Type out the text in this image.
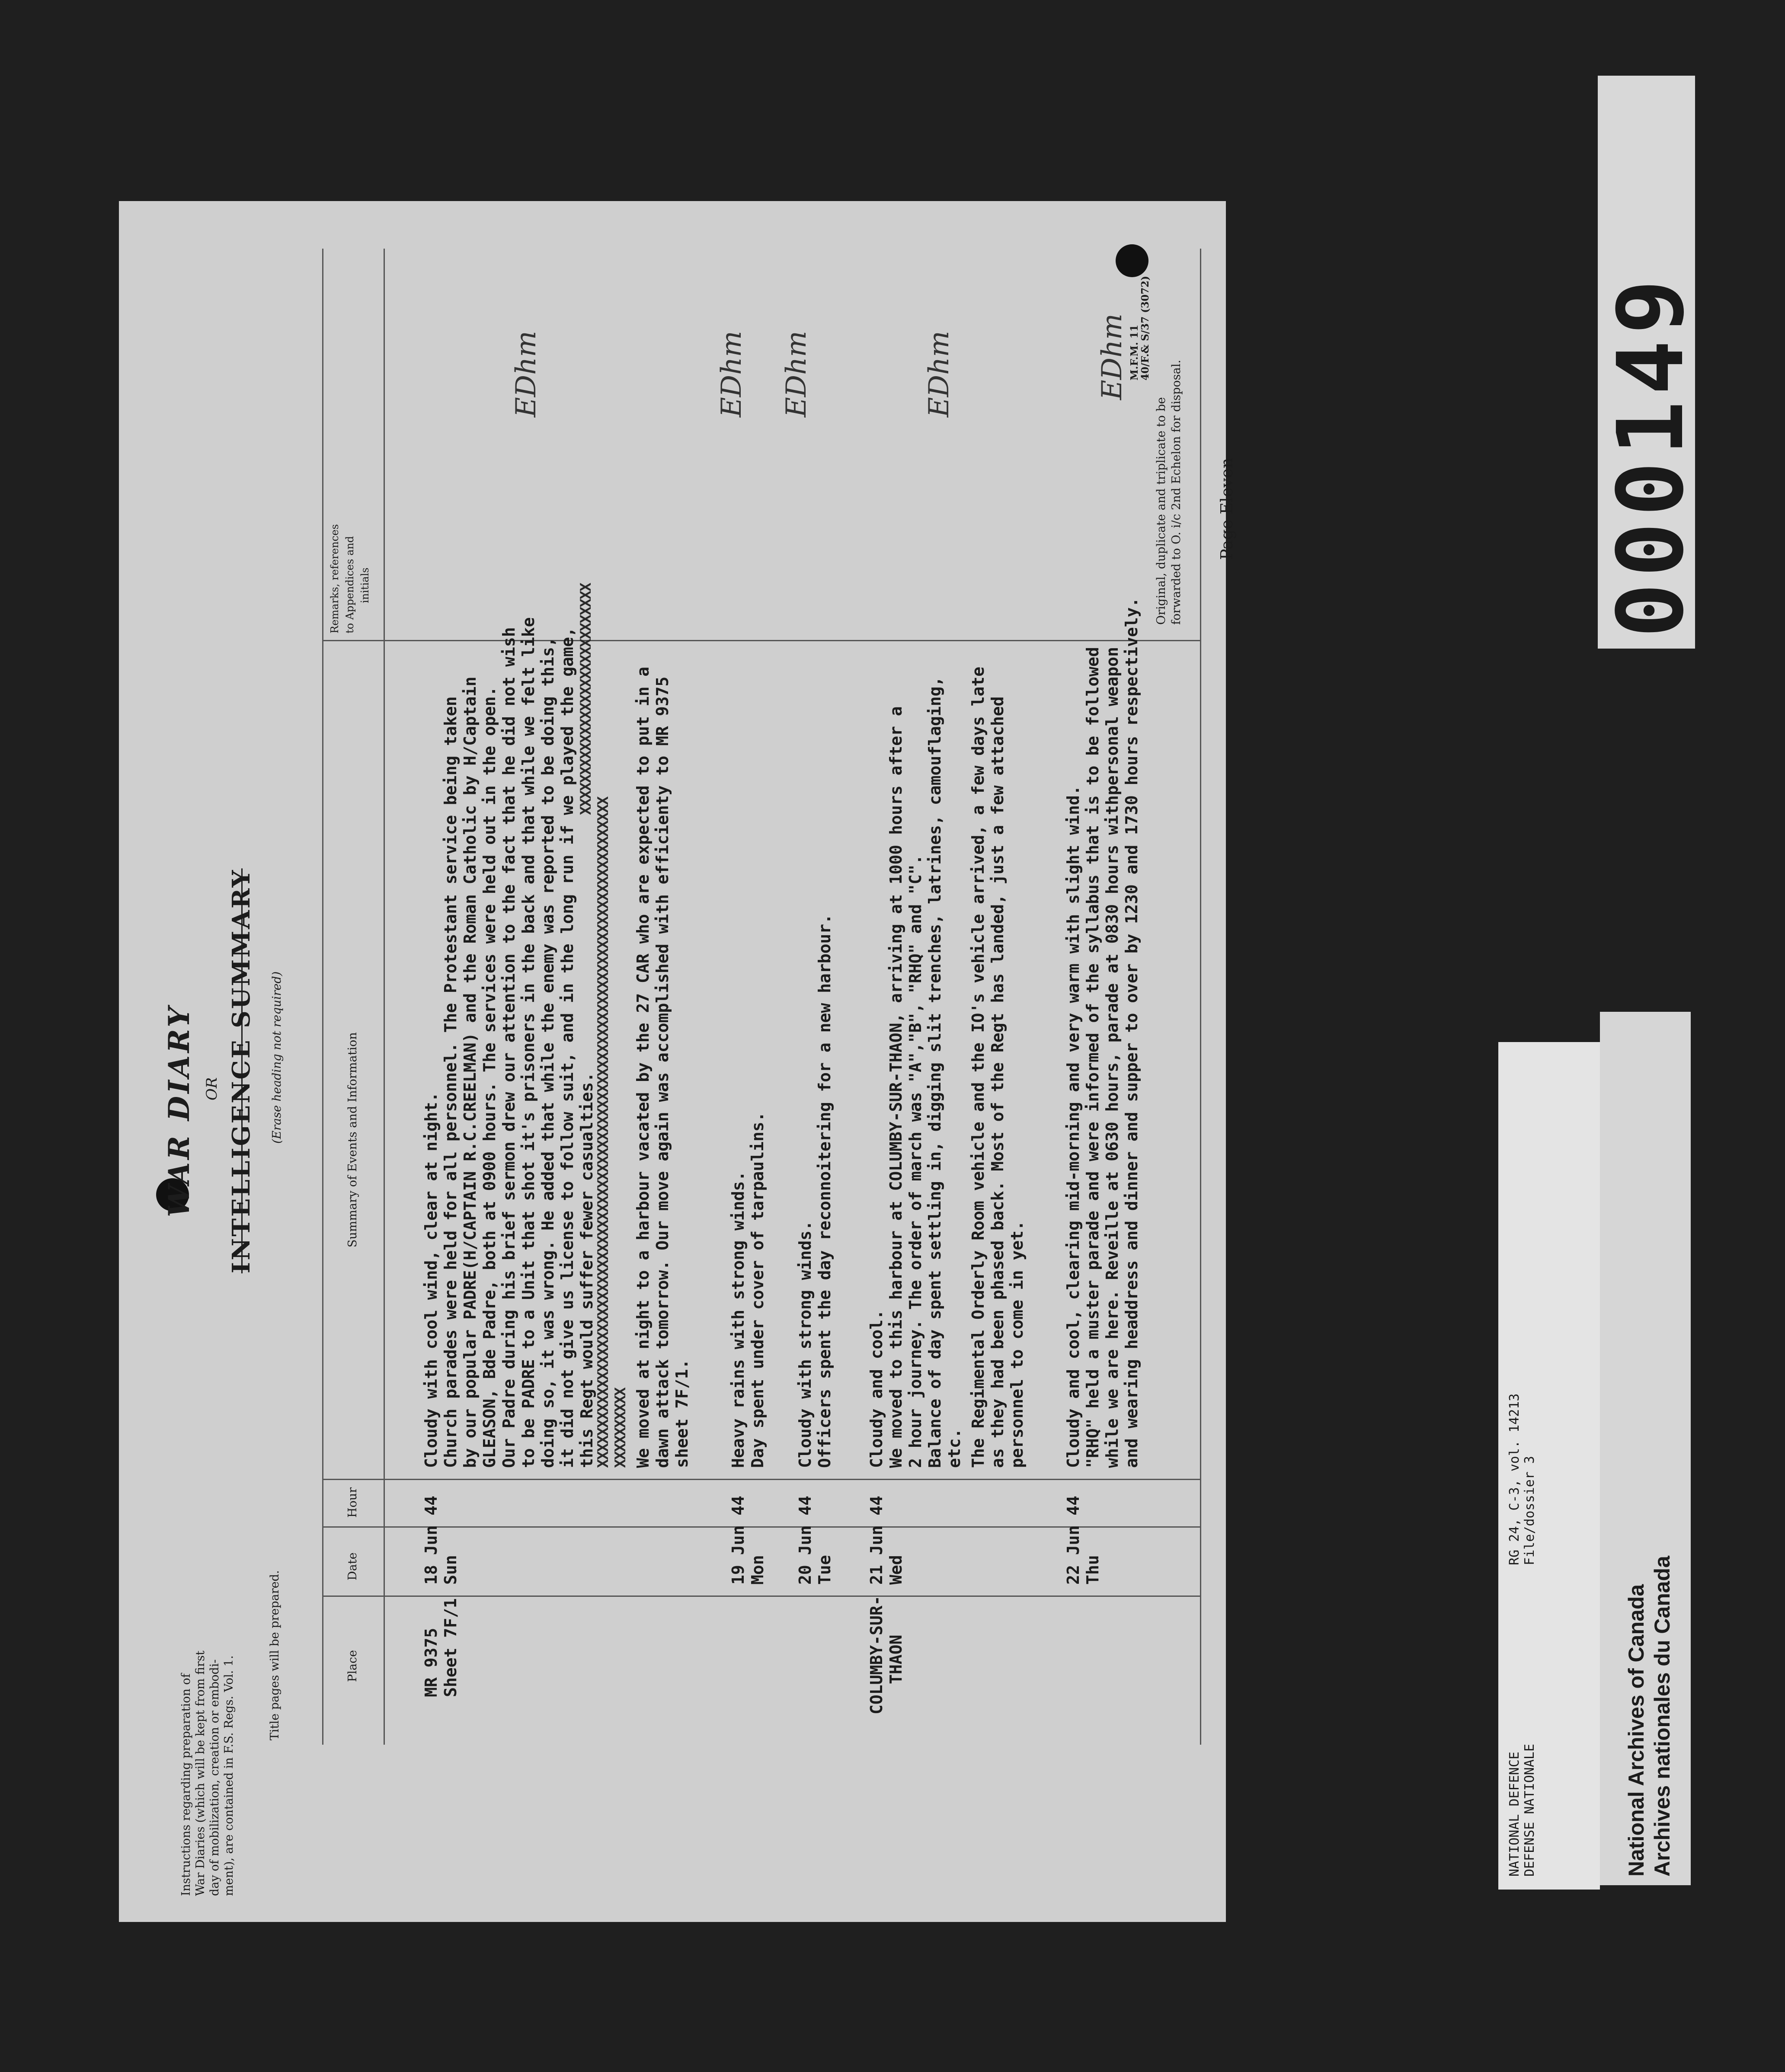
Instructions regarding preparation of War Diaries (which will be kept from first day of mobilization, creation or embodi- ment), are contained in F.S. Regs. Vol. 1.
Title pages will be prepared.
WAR DIARY OR INTELLIGENCE SUMMARY (Erase heading not required)
M.F.M. 11
40/F.& S/37 (3072)
Original, duplicate and triplicate to be forwarded to O. i/c 2nd Echelon for disposal. Page Eleven
Place
Date
Hour
Summary of Events and Information
Remarks, references to Appendices and initials
MR 9375 Sheet 7F/1
18 Jun 44 Sun
Cloudy with cool wind, clear at night. Church parades were held for all personnel. The Protestant service being taken by our popular PADRE(H/CAPTAIN R.C.CREELMAN) and the Roman Catholic by H/Captain GLEASON, Bde Padre, both at 0900 hours. The services were held out in the open. Our Padre during his brief sermon drew our attention to the fact that he did not wish to be PADRE to a Unit that shot it's prisoners in the back and that while we felt like doing so, it was wrong. He added that while the enemy was reported to be doing this, it did not give us license to follow suit, and in the long run if we played the game, this Regt would suffer fewer casualties.
XXXXXXXXXXXXXXXXXXXXXXXXXXXXX
XXXXXXXXXXXXXXXXXXXXXXXXXXXXXXXXXXXXXXXXXXXXXXXXXXXXXXXXXXXXXXXXXXXXXXXXXXXXXXXXXXXX XXXXXXXXXX We moved at night to a harbour vacated by the 27 CAR who are expected to put in a dawn attack tomorrow. Our move again was accomplished with efficienty to MR 9375 sheet 7F/1.
EDhm
19 Jun 44 Mon
Heavy rains with strong winds. Day spent under cover of tarpaulins.
EDhm
20 Jun 44 Tue
Cloudy with strong winds. Officers spent the day reconnoitering for a new harbour.
EDhm
COLUMBY-SUR- THAON
21 Jun 44 Wed
Cloudy and cool. We moved to this harbour at COLUMBY-SUR-THAON, arriving at 1000 hours after a 2 hour journey. The order of march was "A","B", "RHQ" and "C". Balance of day spent settling in, digging slit trenches, latrines, camouflaging, etc. The Regimental Orderly Room vehicle and the IO's vehicle arrived, a few days late as they had been phased back. Most of the Regt has landed, just a few attached personnel to come in yet.
EDhm
22 Jun 44 Thu
Cloudy and cool, clearing mid-morning and very warm with slight wind. "RHQ" held a muster parade and were informed of the syllabus that is to be followed while we are here. Reveille at 0630 hours, parade at 0830 hours withpersonal weapon and wearing headdress and dinner and supper to over by 1230 and 1730 hours respectively.
EDhm
NATIONAL DEFENCE DEFENSE NATIONALE
RG 24, C-3, vol. 14213 File/dossier 3
National Archives of Canada Archives nationales du Canada
000149
